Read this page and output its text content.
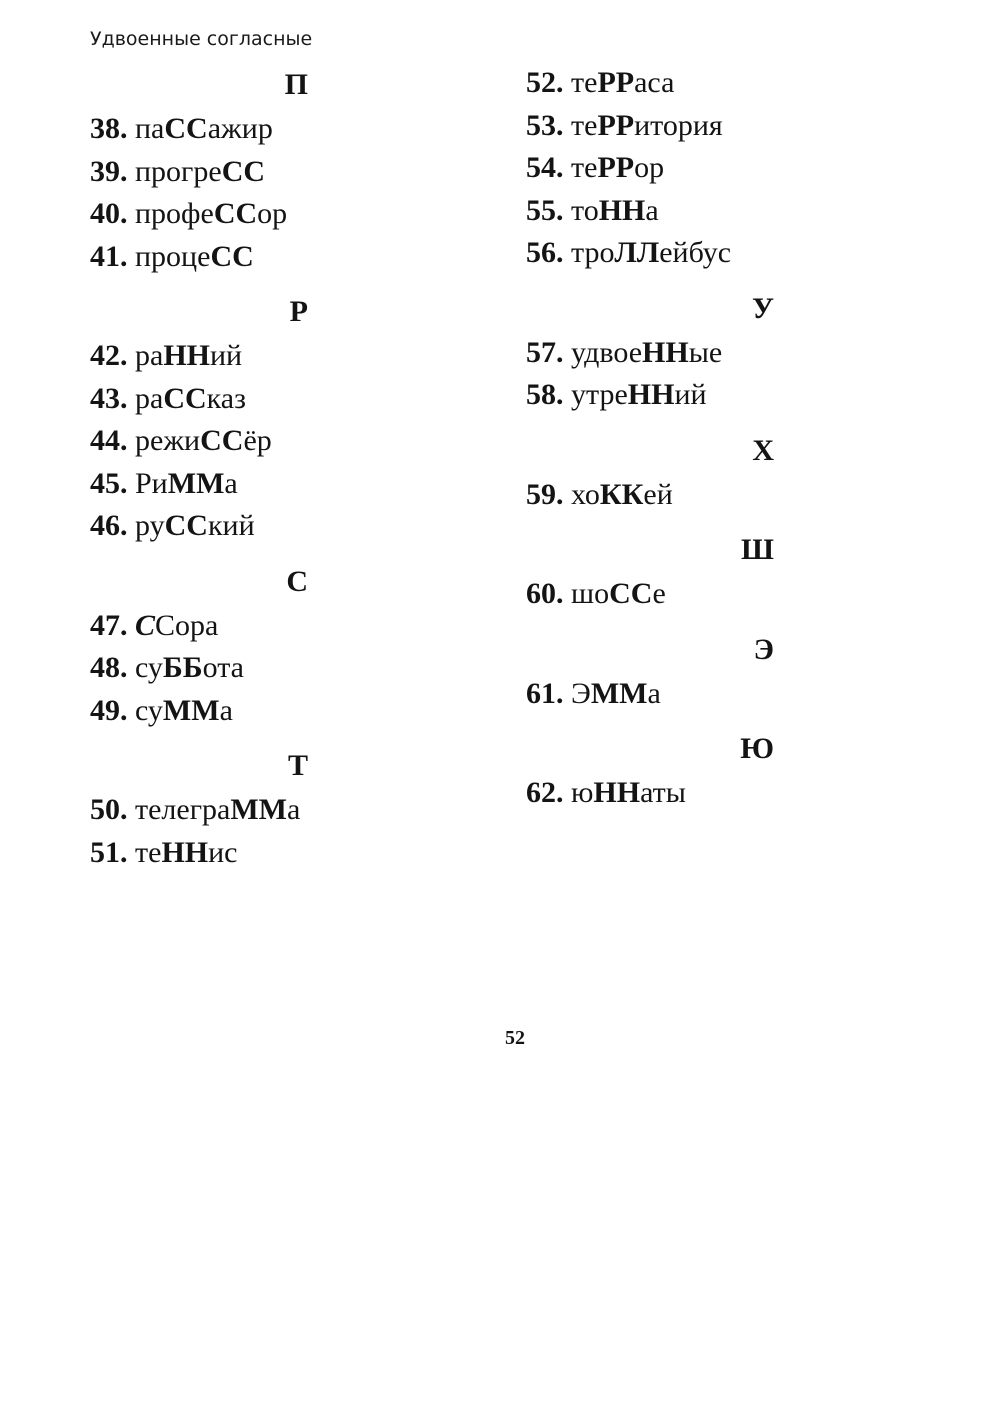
Удвоенные согласные
П
38. паССажир
39. прогреСС
40. профеССор
41. процеСС
Р
42. раННий
43. раССказ
44. режиССёр
45. РиММа
46. руССкий
С
47. ССора
48. суББота
49. суММа
Т
50. телеграММа
51. теННис
52. теРРаса
53. теРРитория
54. теРРор
55. тоННа
56. троЛЛейбус
У
57. удвоеННые
58. утреННий
Х
59. хоККей
Ш
60. шоССе
Э
61. ЭММа
Ю
62. юННаты
52
